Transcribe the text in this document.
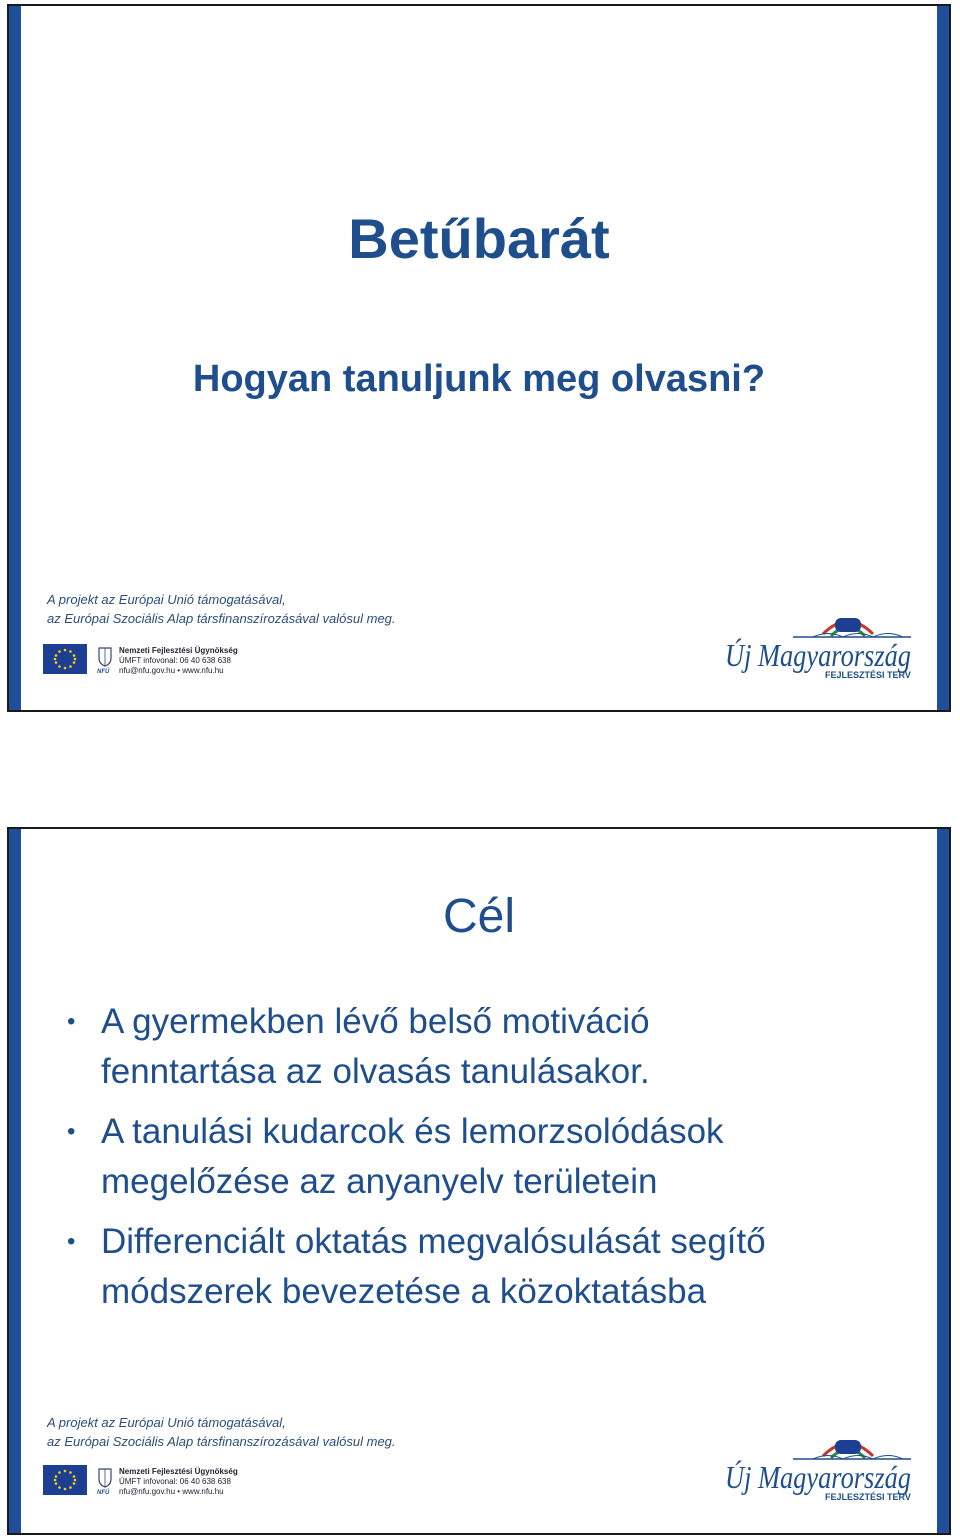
Betűbarát
Hogyan tanuljunk meg olvasni?
A projekt az Európai Unió támogatásával,
az Európai Szociális Alap társfinanszírozásával valósul meg.
NFÜ
Nemzeti Fejlesztési Ügynökség
ÚMFT infovonal: 06 40 638 638
nfu@nfu.gov.hu • www.nfu.hu	Új Magyarország
FEJLESZTÉSI TERV
Cél
• A gyermekben lévő belső motiváció
fenntartása az olvasás tanulásakor.
• A tanulási kudarcok és lemorzsolódások
megelőzése az anyanyelv területein
• Differenciált oktatás megvalósulását segítő
módszerek bevezetése a közoktatásba
A projekt az Európai Unió támogatásával,
az Európai Szociális Alap társfinanszírozásával valósul meg.
NFÜ
Nemzeti Fejlesztési Ügynökség
ÚMFT infovonal: 06 40 638 638
nfu@nfu.gov.hu • www.nfu.hu	Új Magyarország
FEJLESZTÉSI TERV
